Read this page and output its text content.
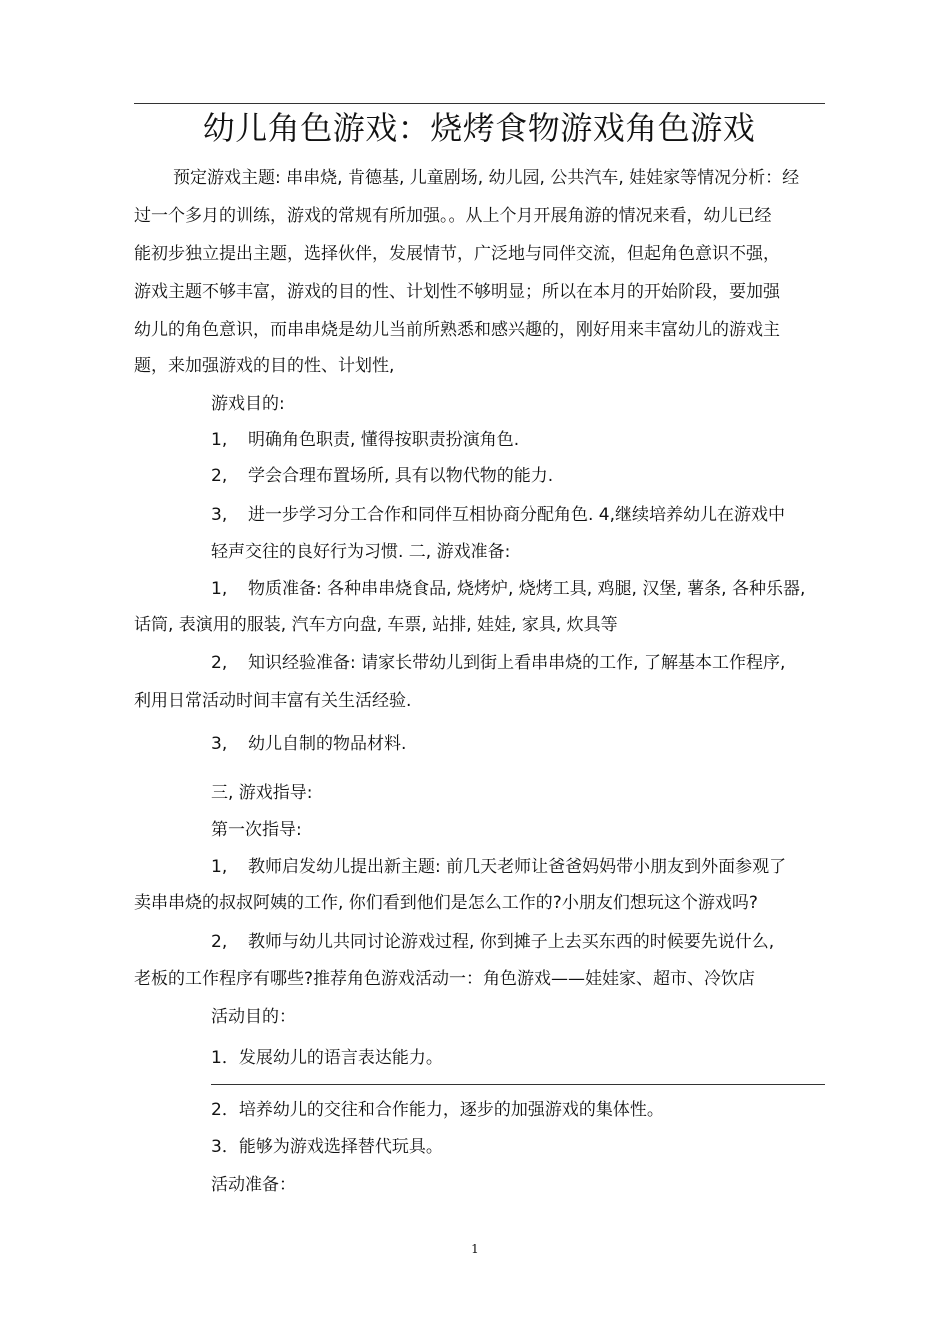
幼儿角色游戏：烧烤食物游戏角色游戏
预定游戏主题: 串串烧, 肯德基, 儿童剧场, 幼儿园, 公共汽车, 娃娃家等情况分析：经
过一个多月的训练，游戏的常规有所加强。。从上个月开展角游的情况来看，幼儿已经
能初步独立提出主题，选择伙伴，发展情节，广泛地与同伴交流，但起角色意识不强，
游戏主题不够丰富，游戏的目的性、计划性不够明显；所以在本月的开始阶段，要加强
幼儿的角色意识，而串串烧是幼儿当前所熟悉和感兴趣的，刚好用来丰富幼儿的游戏主
题，来加强游戏的目的性、计划性,
游戏目的:
1, 明确角色职责, 懂得按职责扮演角色.
2, 学会合理布置场所, 具有以物代物的能力.
3, 进一步学习分工合作和同伴互相协商分配角色. 4,继续培养幼儿在游戏中
轻声交往的良好行为习惯. 二, 游戏准备:
1, 物质准备: 各种串串烧食品, 烧烤炉, 烧烤工具, 鸡腿, 汉堡, 薯条, 各种乐器,
话筒, 表演用的服装, 汽车方向盘, 车票, 站排, 娃娃, 家具, 炊具等
2, 知识经验准备: 请家长带幼儿到街上看串串烧的工作, 了解基本工作程序,
利用日常活动时间丰富有关生活经验.
3, 幼儿自制的物品材料.
三, 游戏指导:
第一次指导:
1, 教师启发幼儿提出新主题: 前几天老师让爸爸妈妈带小朋友到外面参观了
卖串串烧的叔叔阿姨的工作, 你们看到他们是怎么工作的?小朋友们想玩这个游戏吗?
2, 教师与幼儿共同讨论游戏过程, 你到摊子上去买东西的时候要先说什么,
老板的工作程序有哪些?推荐角色游戏活动一：角色游戏——娃娃家、超市、冷饮店
活动目的：
1．发展幼儿的语言表达能力。
2．培养幼儿的交往和合作能力，逐步的加强游戏的集体性。
3．能够为游戏选择替代玩具。
活动准备：
1
